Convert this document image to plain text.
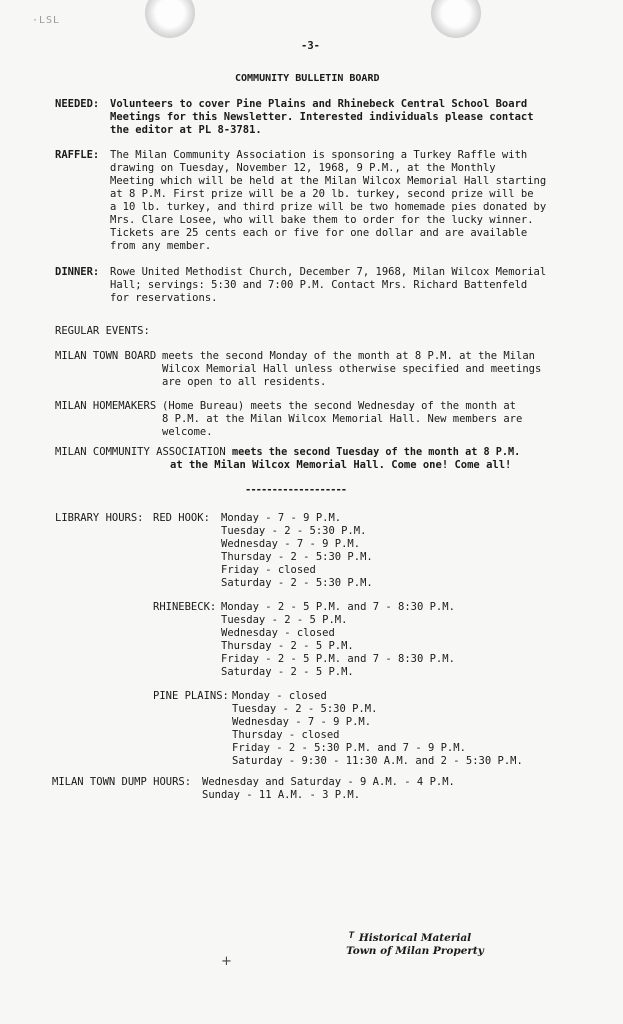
·LSL
-3-
COMMUNITY BULLETIN BOARD
NEEDED: Volunteers to cover Pine Plains and Rhinebeck Central School Board
Meetings for this Newsletter. Interested individuals please contact
the editor at PL 8-3781.
RAFFLE: The Milan Community Association is sponsoring a Turkey Raffle with
drawing on Tuesday, November 12, 1968, 9 P.M., at the Monthly
Meeting which will be held at the Milan Wilcox Memorial Hall starting
at 8 P.M. First prize will be a 20 lb. turkey, second prize will be
a 10 lb. turkey, and third prize will be two homemade pies donated by
Mrs. Clare Losee, who will bake them to order for the lucky winner.
Tickets are 25 cents each or five for one dollar and are available
from any member.
DINNER: Rowe United Methodist Church, December 7, 1968, Milan Wilcox Memorial
Hall; servings: 5:30 and 7:00 P.M. Contact Mrs. Richard Battenfeld
for reservations.
REGULAR EVENTS:
MILAN TOWN BOARD meets the second Monday of the month at 8 P.M. at the Milan
Wilcox Memorial Hall unless otherwise specified and meetings
are open to all residents.
MILAN HOMEMAKERS (Home Bureau) meets the second Wednesday of the month at
8 P.M. at the Milan Wilcox Memorial Hall. New members are
welcome.
MILAN COMMUNITY ASSOCIATION meets the second Tuesday of the month at 8 P.M.
at the Milan Wilcox Memorial Hall. Come one! Come all!
-------------------
LIBRARY HOURS: RED HOOK: Monday - 7 - 9 P.M.
Tuesday - 2 - 5:30 P.M.
Wednesday - 7 - 9 P.M.
Thursday - 2 - 5:30 P.M.
Friday - closed
Saturday - 2 - 5:30 P.M.
RHINEBECK: Monday - 2 - 5 P.M. and 7 - 8:30 P.M.
Tuesday - 2 - 5 P.M.
Wednesday - closed
Thursday - 2 - 5 P.M.
Friday - 2 - 5 P.M. and 7 - 8:30 P.M.
Saturday - 2 - 5 P.M.
PINE PLAINS: Monday - closed
Tuesday - 2 - 5:30 P.M.
Wednesday - 7 - 9 P.M.
Thursday - closed
Friday - 2 - 5:30 P.M. and 7 - 9 P.M.
Saturday - 9:30 - 11:30 A.M. and 2 - 5:30 P.M.
MILAN TOWN DUMP HOURS: Wednesday and Saturday - 9 A.M. - 4 P.M.
Sunday - 11 A.M. - 3 P.M.
𝑻 Historical Material
Town of Milan Property
+
